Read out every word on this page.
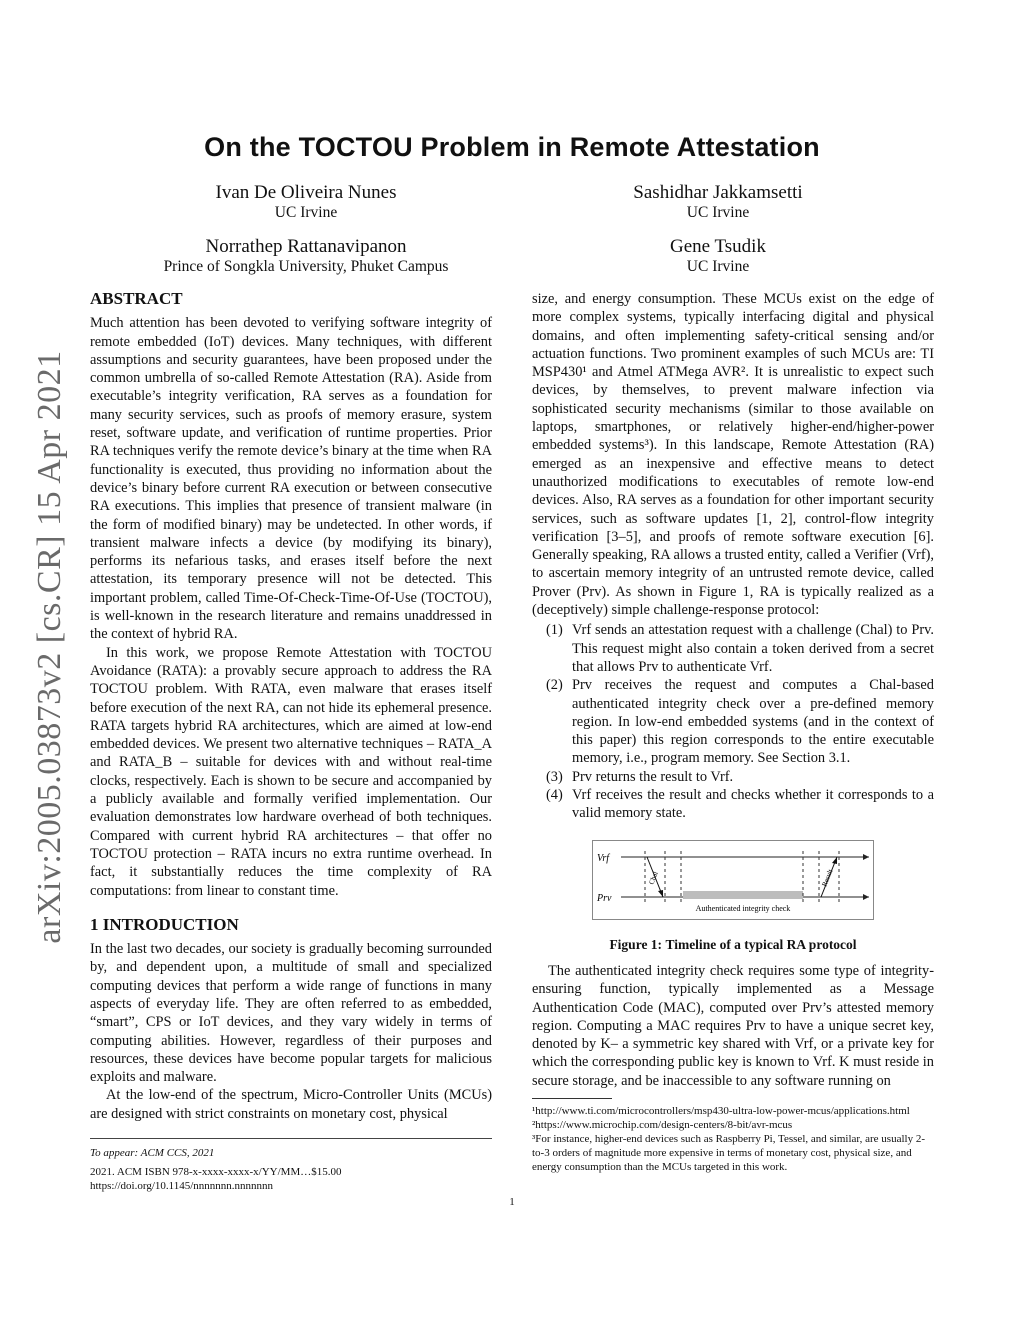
On the TOCTOU Problem in Remote Attestation
Ivan De Oliveira Nunes
UC Irvine
Sashidhar Jakkamsetti
UC Irvine
Norrathep Rattanavipanon
Prince of Songkla University, Phuket Campus
Gene Tsudik
UC Irvine
arXiv:2005.03873v2 [cs.CR] 15 Apr 2021
ABSTRACT

Much attention has been devoted to verifying software integrity of remote embedded (IoT) devices. Many techniques, with different assumptions and security guarantees, have been proposed under the common umbrella of so-called Remote Attestation (RA). Aside from executable’s integrity verification, RA serves as a foundation for many security services, such as proofs of memory erasure, system reset, software update, and verification of runtime properties. Prior RA techniques verify the remote device’s binary at the time when RA functionality is executed, thus providing no information about the device’s binary before current RA execution or between consecutive RA executions. This implies that presence of transient malware (in the form of modified binary) may be undetected. In other words, if transient malware infects a device (by modifying its binary), performs its nefarious tasks, and erases itself before the next attestation, its temporary presence will not be detected. This important problem, called Time-Of-Check-Time-Of-Use (TOCTOU), is well-known in the research literature and remains unaddressed in the context of hybrid RA.

In this work, we propose Remote Attestation with TOCTOU Avoidance (RATA): a provably secure approach to address the RA TOCTOU problem. With RATA, even malware that erases itself before execution of the next RA, can not hide its ephemeral presence. RATA targets hybrid RA architectures, which are aimed at low-end embedded devices. We present two alternative techniques – RATA_A and RATA_B – suitable for devices with and without real-time clocks, respectively. Each is shown to be secure and accompanied by a publicly available and formally verified implementation. Our evaluation demonstrates low hardware overhead of both techniques. Compared with current hybrid RA architectures – that offer no TOCTOU protection – RATA incurs no extra runtime overhead. In fact, it substantially reduces the time complexity of RA computations: from linear to constant time.

1 INTRODUCTION

In the last two decades, our society is gradually becoming surrounded by, and dependent upon, a multitude of small and specialized computing devices that perform a wide range of functions in many aspects of everyday life. They are often referred to as embedded, “smart”, CPS or IoT devices, and they vary widely in terms of computing abilities. However, regardless of their purposes and resources, these devices have become popular targets for malicious exploits and malware.

At the low-end of the spectrum, Micro-Controller Units (MCUs) are designed with strict constraints on monetary cost, physical

To appear: ACM CCS, 2021
2021. ACM ISBN 978-x-xxxx-xxxx-x/YY/MM…$15.00
https://doi.org/10.1145/nnnnnnn.nnnnnnn

size, and energy consumption. These MCUs exist on the edge of more complex systems, typically interfacing digital and physical domains, and often implementing safety-critical sensing and/or actuation functions. Two prominent examples of such MCUs are: TI MSP430¹ and Atmel ATMega AVR². It is unrealistic to expect such devices, by themselves, to prevent malware infection via sophisticated security mechanisms (similar to those available on laptops, smartphones, or relatively higher-end/higher-power embedded systems³). In this landscape, Remote Attestation (RA) emerged as an inexpensive and effective means to detect unauthorized modifications to executables of remote low-end devices. Also, RA serves as a foundation for other important security services, such as software updates [1, 2], control-flow integrity verification [3–5], and proofs of remote software execution [6]. Generally speaking, RA allows a trusted entity, called a Verifier (Vrf), to ascertain memory integrity of an untrusted remote device, called Prover (Prv). As shown in Figure 1, RA is typically realized as a (deceptively) simple challenge-response protocol:

(1) Vrf sends an attestation request with a challenge (Chal) to Prv. This request might also contain a token derived from a secret that allows Prv to authenticate Vrf.
(2) Prv receives the request and computes a Chal-based authenticated integrity check over a pre-defined memory region. In low-end embedded systems (and in the context of this paper) this region corresponds to the entire executable memory, i.e., program memory. See Section 3.1.
(3) Prv returns the result to Vrf.
(4) Vrf receives the result and checks whether it corresponds to a valid memory state.
Vrf
Prv
Chal	Result
Authenticated integrity check
Figure 1: Timeline of a typical RA protocol

The authenticated integrity check requires some type of integrity-ensuring function, typically implemented as a Message Authentication Code (MAC), computed over Prv’s attested memory region. Computing a MAC requires Prv to have a unique secret key, denoted by K– a symmetric key shared with Vrf, or a private key for which the corresponding public key is known to Vrf. K must reside in secure storage, and be inaccessible to any software running on

¹http://www.ti.com/microcontrollers/msp430-ultra-low-power-mcus/applications.html
²https://www.microchip.com/design-centers/8-bit/avr-mcus
³For instance, higher-end devices such as Raspberry Pi, Tessel, and similar, are usually 2-to-3 orders of magnitude more expensive in terms of monetary cost, physical size, and energy consumption than the MCUs targeted in this work.
1
